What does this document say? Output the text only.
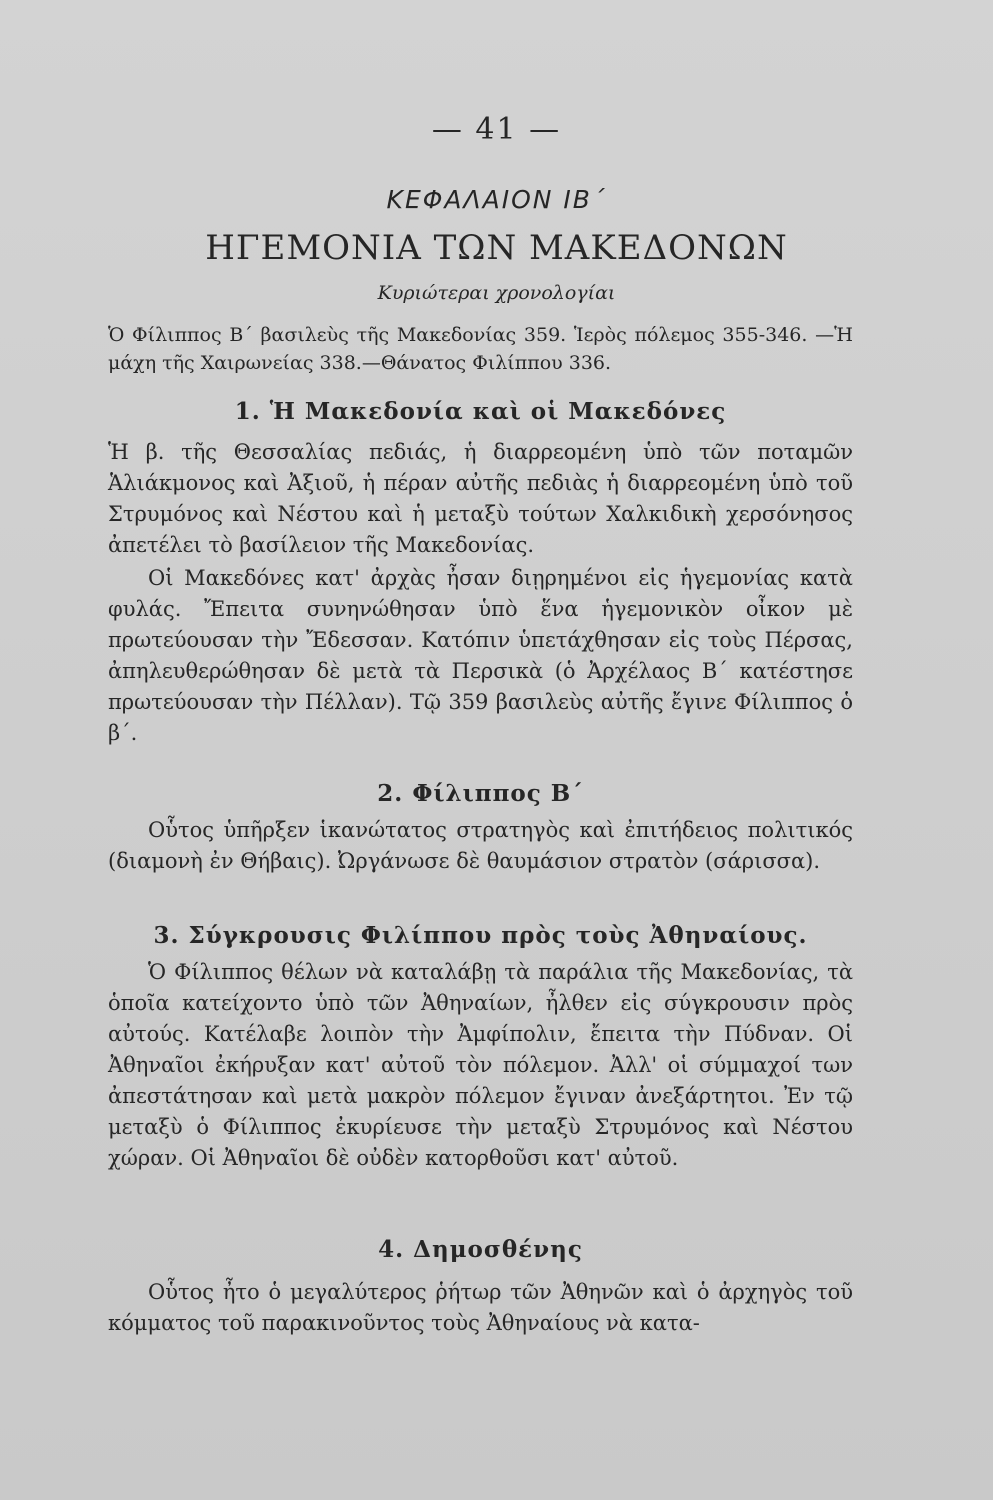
— 41 —
ΚΕΦΑΛΑΙΟΝ ΙΒ΄
ΗΓΕΜΟΝΙΑ ΤΩΝ ΜΑΚΕΔΟΝΩΝ
Κυριώτεραι χρονολογίαι

Ὁ Φίλιππος Β΄ βασιλεὺς τῆς Μακεδονίας 359. Ἱερὸς πόλεμος 355-346. —Ἡ μάχη τῆς Χαιρωνείας 338.—Θάνατος Φιλίππου 336.

1. Ἡ Μακεδονία καὶ οἱ Μακεδόνες

Ἡ β. τῆς Θεσσαλίας πεδιάς, ἡ διαρρεομένη ὑπὸ τῶν ποταμῶν Ἁλιάκμονος καὶ Ἀξιοῦ, ἡ πέραν αὐτῆς πεδιὰς ἡ διαρρεομένη ὑπὸ τοῦ Στρυμόνος καὶ Νέστου καὶ ἡ μεταξὺ τούτων Χαλκιδικὴ χερσόνησος ἀπετέλει τὸ βασίλειον τῆς Μακεδονίας.

Οἱ Μακεδόνες κατ' ἀρχὰς ἦσαν διῃρημένοι εἰς ἡγεμονίας κατὰ φυλάς. Ἔπειτα συνηνώθησαν ὑπὸ ἕνα ἡγεμονικὸν οἶκον μὲ πρωτεύουσαν τὴν Ἔδεσσαν. Κατόπιν ὑπετάχθησαν εἰς τοὺς Πέρσας, ἀπηλευθερώθησαν δὲ μετὰ τὰ Περσικὰ (ὁ Ἀρχέλαος Β΄ κατέστησε πρωτεύουσαν τὴν Πέλλαν). Τῷ 359 βασιλεὺς αὐτῆς ἔγινε Φίλιππος ὁ β΄.

2. Φίλιππος Β΄

Οὗτος ὑπῆρξεν ἱκανώτατος στρατηγὸς καὶ ἐπιτήδειος πολιτικός (διαμονὴ ἐν Θήβαις). Ὠργάνωσε δὲ θαυμάσιον στρατὸν (σάρισσα).

3. Σύγκρουσις Φιλίππου πρὸς τοὺς Ἀθηναίους.

Ὁ Φίλιππος θέλων νὰ καταλάβῃ τὰ παράλια τῆς Μακεδονίας, τὰ ὁποῖα κατείχοντο ὑπὸ τῶν Ἀθηναίων, ἦλθεν εἰς σύγκρουσιν πρὸς αὐτούς. Κατέλαβε λοιπὸν τὴν Ἀμφίπολιν, ἔπειτα τὴν Πύδναν. Οἱ Ἀθηναῖοι ἐκήρυξαν κατ' αὐτοῦ τὸν πόλεμον. Ἀλλ' οἱ σύμμαχοί των ἀπεστάτησαν καὶ μετὰ μακρὸν πόλεμον ἔγιναν ἀνεξάρτητοι. Ἐν τῷ μεταξὺ ὁ Φίλιππος ἐκυρίευσε τὴν μεταξὺ Στρυμόνος καὶ Νέστου χώραν. Οἱ Ἀθηναῖοι δὲ οὐδὲν κατορθοῦσι κατ' αὐτοῦ.

4. Δημοσθένης

Οὗτος ἦτο ὁ μεγαλύτερος ῥήτωρ τῶν Ἀθηνῶν καὶ ὁ ἀρχηγὸς τοῦ κόμματος τοῦ παρακινοῦντος τοὺς Ἀθηναίους νὰ κατα-
